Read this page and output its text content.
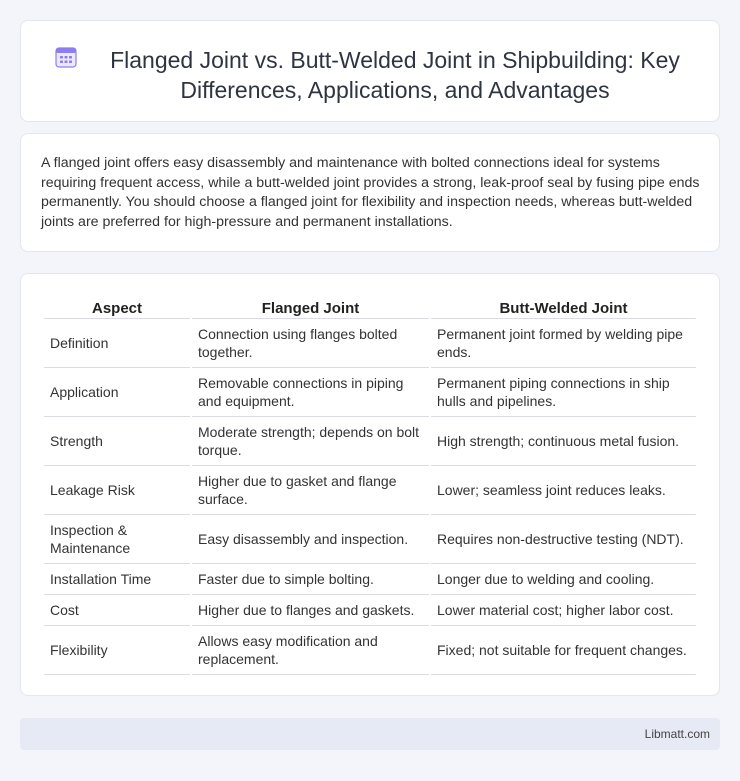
Flanged Joint vs. Butt-Welded Joint in Shipbuilding: Key Differences, Applications, and Advantages

A flanged joint offers easy disassembly and maintenance with bolted connections ideal for systems requiring frequent access, while a butt-welded joint provides a strong, leak-proof seal by fusing pipe ends permanently. You should choose a flanged joint for flexibility and inspection needs, whereas butt-welded joints are preferred for high-pressure and permanent installations.

Aspect	Flanged Joint	Butt-Welded Joint
Definition	Connection using flanges bolted together.	Permanent joint formed by welding pipe ends.
Application	Removable connections in piping and equipment.	Permanent piping connections in ship hulls and pipelines.
Strength	Moderate strength; depends on bolt torque.	High strength; continuous metal fusion.
Leakage Risk	Higher due to gasket and flange surface.	Lower; seamless joint reduces leaks.
Inspection & Maintenance	Easy disassembly and inspection.	Requires non-destructive testing (NDT).
Installation Time	Faster due to simple bolting.	Longer due to welding and cooling.
Cost	Higher due to flanges and gaskets.	Lower material cost; higher labor cost.
Flexibility	Allows easy modification and replacement.	Fixed; not suitable for frequent changes.
Libmatt.com
